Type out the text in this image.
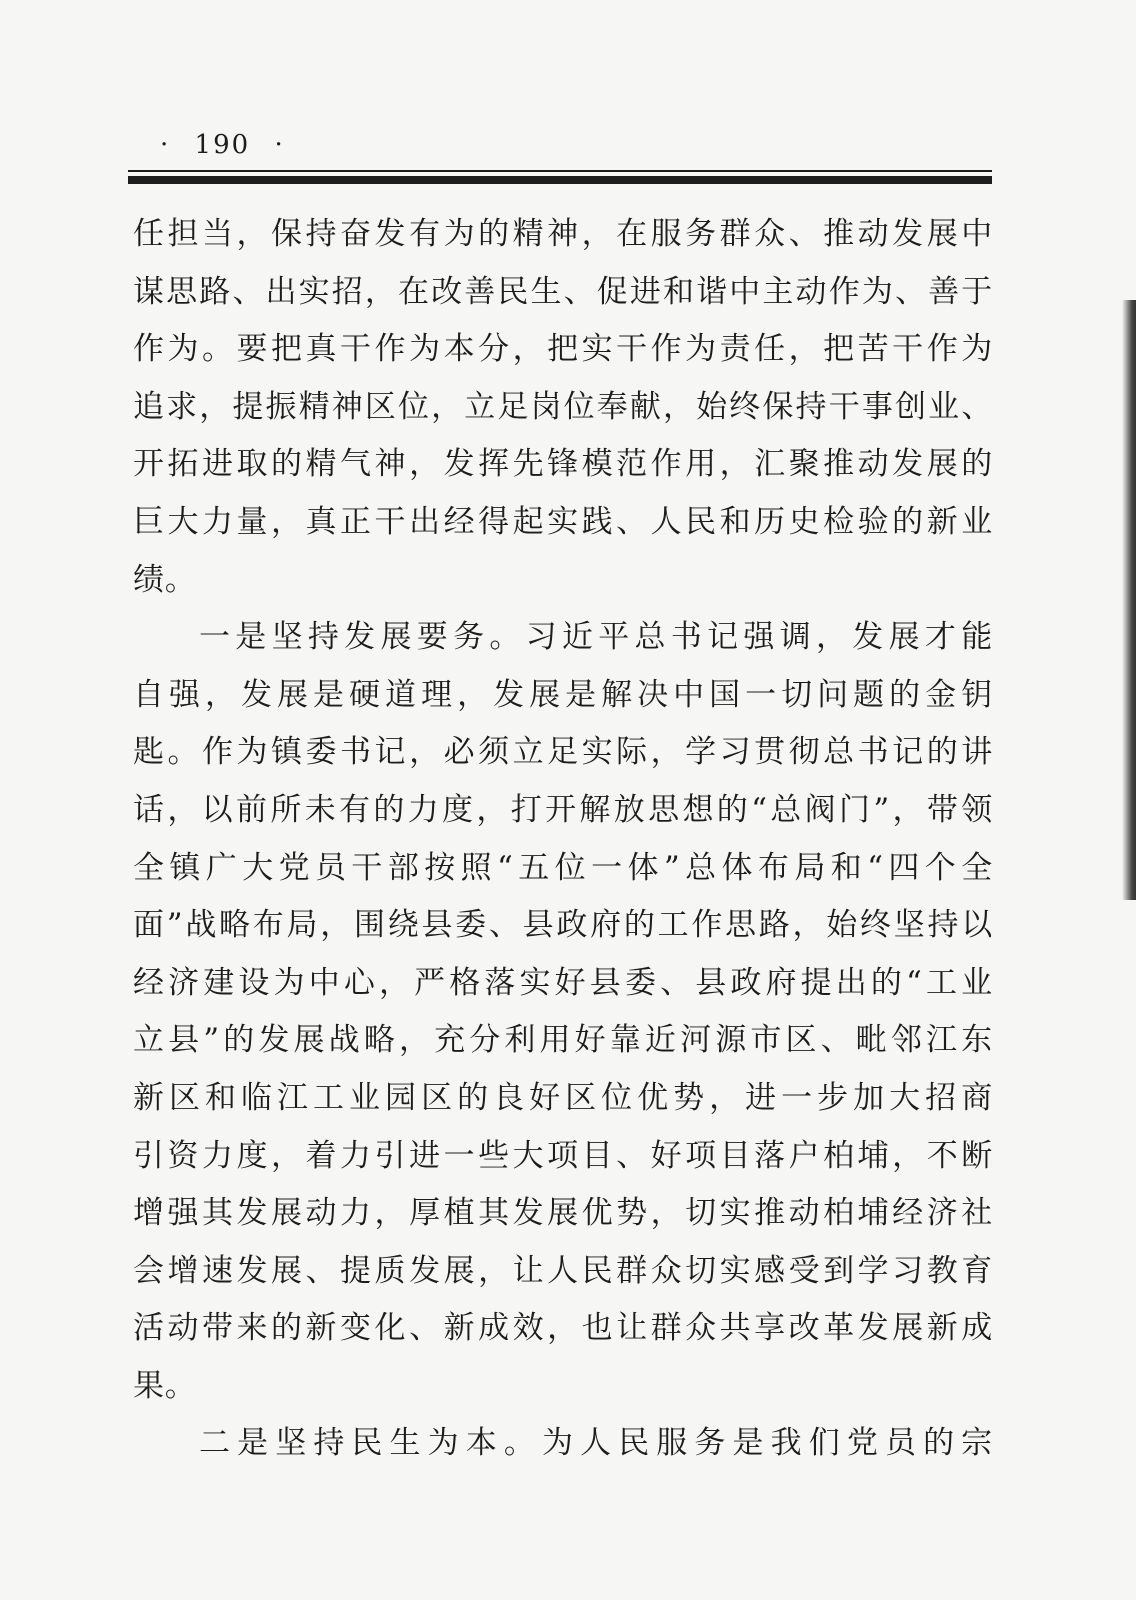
· 190 ·
任担当，保持奋发有为的精神，在服务群众、推动发展中
谋思路、出实招，在改善民生、促进和谐中主动作为、善于
作为。要把真干作为本分，把实干作为责任，把苦干作为
追求，提振精神区位，立足岗位奉献，始终保持干事创业、
开拓进取的精气神，发挥先锋模范作用，汇聚推动发展的
巨大力量，真正干出经得起实践、人民和历史检验的新业
绩。
一是坚持发展要务。习近平总书记强调，发展才能
自强，发展是硬道理，发展是解决中国一切问题的金钥
匙。作为镇委书记，必须立足实际，学习贯彻总书记的讲
话，以前所未有的力度，打开解放思想的“总阀门”，带领
全镇广大党员干部按照“五位一体”总体布局和“四个全
面”战略布局，围绕县委、县政府的工作思路，始终坚持以
经济建设为中心，严格落实好县委、县政府提出的“工业
立县”的发展战略，充分利用好靠近河源市区、毗邻江东
新区和临江工业园区的良好区位优势，进一步加大招商
引资力度，着力引进一些大项目、好项目落户柏埔，不断
增强其发展动力，厚植其发展优势，切实推动柏埔经济社
会增速发展、提质发展，让人民群众切实感受到学习教育
活动带来的新变化、新成效，也让群众共享改革发展新成
果。
二是坚持民生为本。为人民服务是我们党员的宗
